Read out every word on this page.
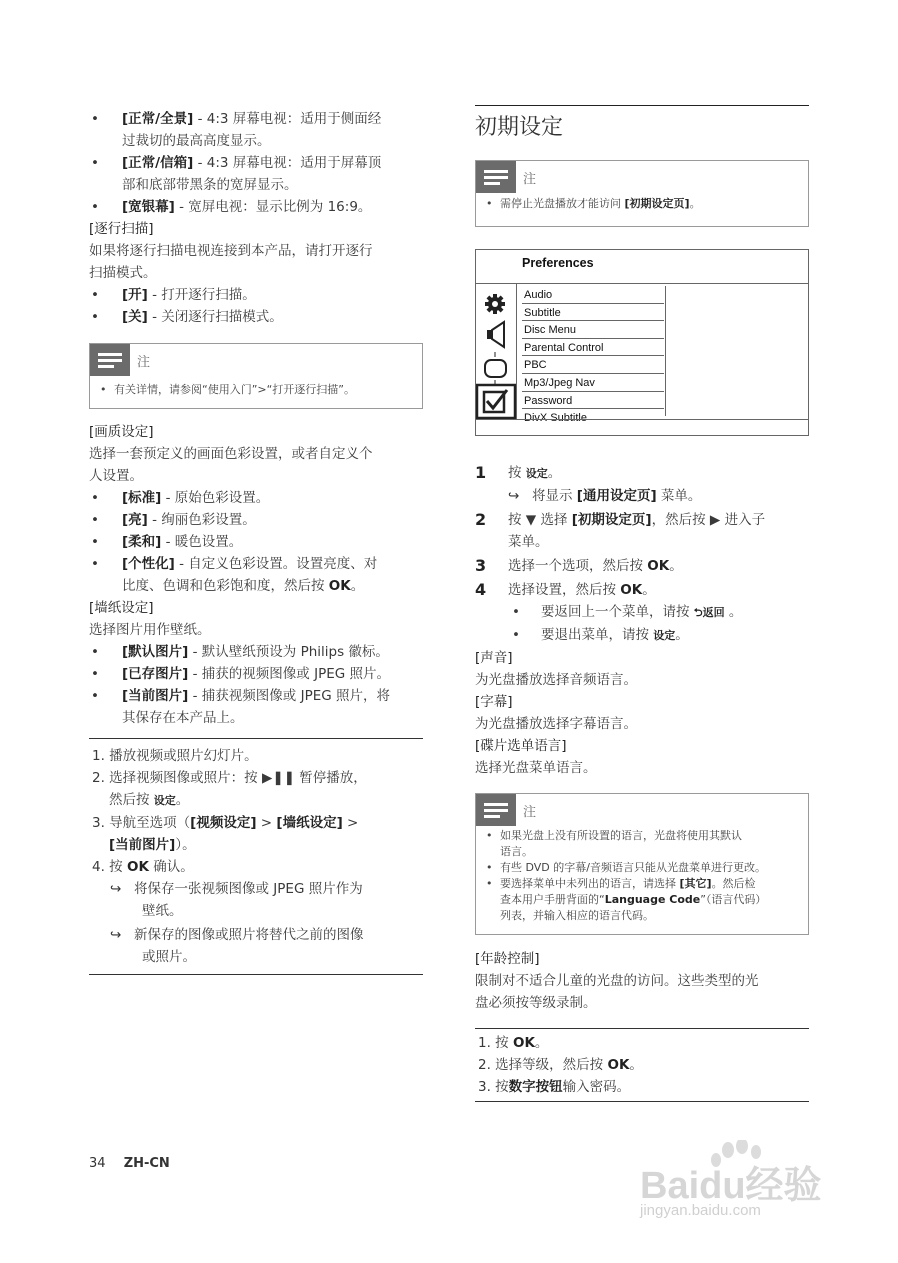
• [正常/全景] - 4:3 屏幕电视：适用于侧面经
过裁切的最高高度显示。
• [正常/信箱] - 4:3 屏幕电视：适用于屏幕顶
部和底部带黑条的宽屏显示。
• [宽银幕] - 宽屏电视：显示比例为 16:9。
[逐行扫描]
如果将逐行扫描电视连接到本产品，请打开逐行
扫描模式。
• [开] - 打开逐行扫描。
• [关] - 关闭逐行扫描模式。
注
• 有关详情，请参阅“使用入门”>“打开逐行扫描”。
[画质设定]
选择一套预定义的画面色彩设置，或者自定义个
人设置。
• [标准] - 原始色彩设置。
• [亮] - 绚丽色彩设置。
• [柔和] - 暖色设置。
• [个性化] - 自定义色彩设置。设置亮度、对
比度、色调和色彩饱和度，然后按 OK。
[墙纸设定]
选择图片用作壁纸。
• [默认图片] - 默认壁纸预设为 Philips 徽标。
• [已存图片] - 捕获的视频图像或 JPEG 照片。
• [当前图片] - 捕获视频图像或 JPEG 照片，将
其保存在本产品上。
1. 播放视频或照片幻灯片。
2. 选择视频图像或照片：按 ▶❚❚ 暂停播放，
然后按 设定。
3. 导航至选项（[视频设定] > [墙纸设定] >
[当前图片]）。
4. 按 OK 确认。
↪ 将保存一张视频图像或 JPEG 照片作为
壁纸。
↪ 新保存的图像或照片将替代之前的图像
或照片。
初期设定
注
• 需停止光盘播放才能访问 [初期设定页]。
Preferences
Audio
Subtitle
Disc Menu
Parental Control
PBC
Mp3/Jpeg Nav
Password
DivX Subtitle
1 按 设定。
↪ 将显示 [通用设定页] 菜单。
2 按 ▼ 选择 [初期设定页]，然后按 ▶ 进入子
菜单。
3 选择一个选项，然后按 OK。
4 选择设置，然后按 OK。
• 要返回上一个菜单，请按 ⮌返回 。
• 要退出菜单，请按 设定。
[声音]
为光盘播放选择音频语言。
[字幕]
为光盘播放选择字幕语言。
[碟片选单语言]
选择光盘菜单语言。
注
• 如果光盘上没有所设置的语言，光盘将使用其默认
语言。
• 有些 DVD 的字幕/音频语言只能从光盘菜单进行更改。
• 要选择菜单中未列出的语言，请选择 [其它]。然后检
查本用户手册背面的“Language Code”（语言代码）
列表，并输入相应的语言代码。
[年龄控制]
限制对不适合儿童的光盘的访问。这些类型的光
盘必须按等级录制。
1. 按 OK。
2. 选择等级，然后按 OK。
3. 按数字按钮输入密码。
34 ZH-CN
Baidu经验
jingyan.baidu.com
